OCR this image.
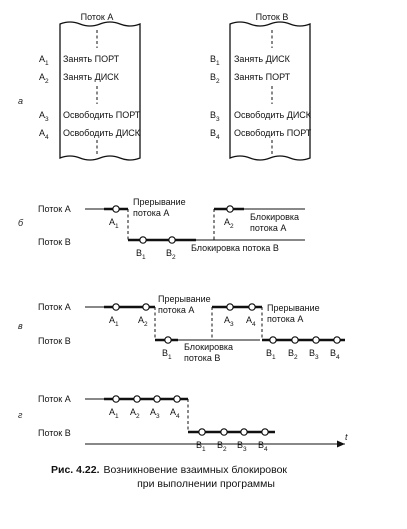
а
Поток А
$A_1$ Занять ПОРТ
$A_2$ Занять ДИСК
$A_3$ Освободить ПОРТ
$A_4$ Освободить ДИСК
Поток В
$B_1$ Занять ДИСК
$B_2$ Занять ПОРТ
$B_3$ Освободить ДИСК
$B_4$ Освободить ПОРТ
б
Поток А
Поток В
$A_1$	$A_2$
$B_1$ $B_2$
Прерывание
потока А	Блокировка
потока А
Блокировка потока В
в
Поток А
Поток В
$A_1$ $A_2$	$A_3$ $A_4$
$B_1$	$B_1$ $B_2$ $B_3$ $B_4$
Прерывание
потока А	Прерывание
потока А
Блокировка
потока В
г
Поток А
Поток В	t
$A_1$ $A_2$ $A_3$ $A_4$
$B_1$ $B_2$ $B_3$ $B_4$
Рис. 4.22. Возникновение взаимных блокировок
при выполнении программы
